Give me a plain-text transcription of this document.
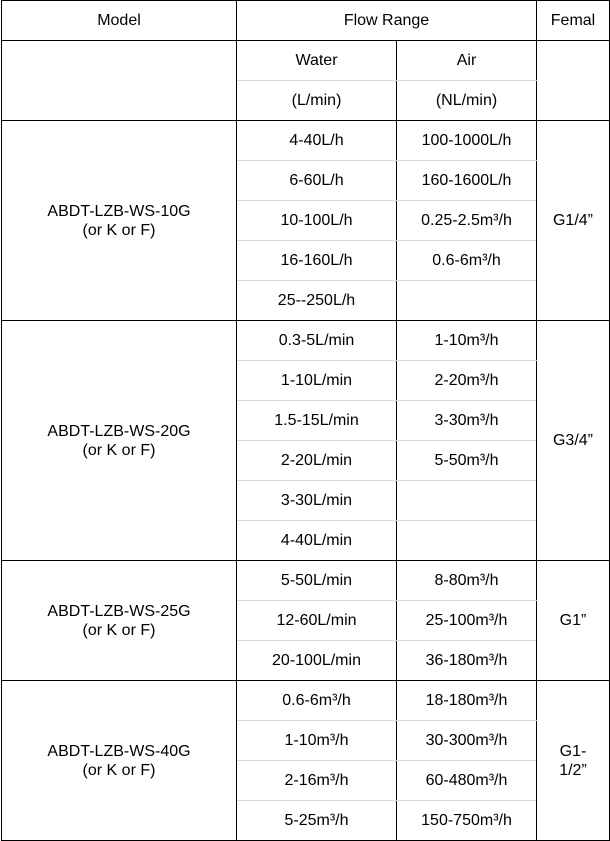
Model	Flow Range		Femal
	Water	Air	
	(L/min)	(NL/min)	

ABDT-LZB-WS-10G
(or K or F)	4-40L/h	100-1000L/h	G1/4”

	6-60L/h	160-1600L/h	
	10-100L/h	0.25-2.5m³/h	
	16-160L/h	0.6-6m³/h	
	25--250L/h		

ABDT-LZB-WS-20G
(or K or F)	0.3-5L/min	1-10m³/h	G3/4”

	1-10L/min	2-20m³/h	
	1.5-15L/min	3-30m³/h	
	2-20L/min	5-50m³/h	
	3-30L/min		
	4-40L/min		

ABDT-LZB-WS-25G
(or K or F)	5-50L/min	8-80m³/h	G1”

	12-60L/min	25-100m³/h	
	20-100L/min	36-180m³/h	

ABDT-LZB-WS-40G
(or K or F)	0.6-6m³/h	18-180m³/h	G1-
1/2”

	1-10m³/h	30-300m³/h	
	2-16m³/h	60-480m³/h	
	5-25m³/h	150-750m³/h	
